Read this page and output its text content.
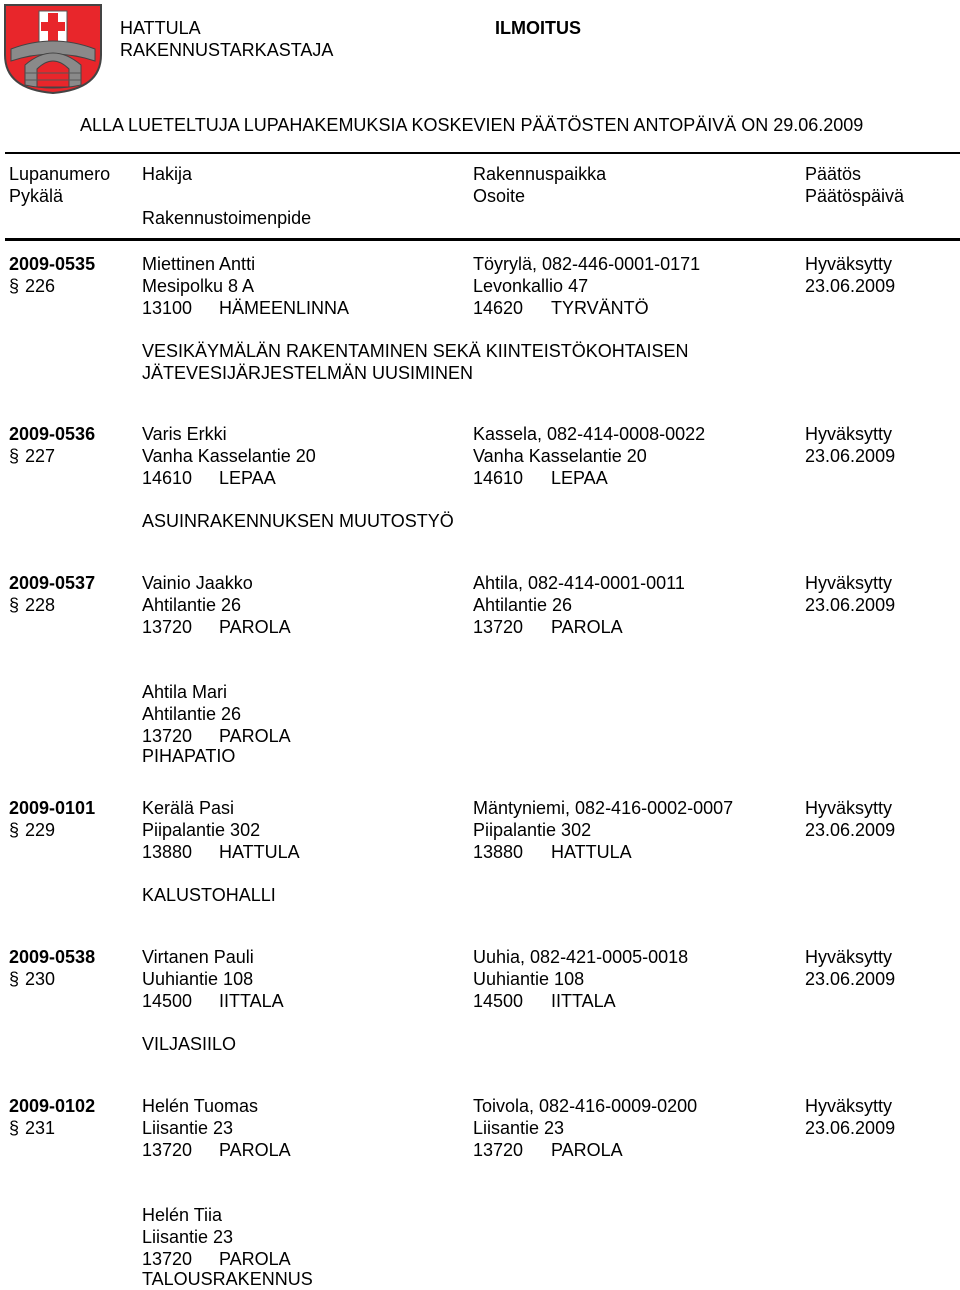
HATTULA
RAKENNUSTARKASTAJA
ILMOITUS
ALLA LUETELTUJA LUPAHAKEMUKSIA KOSKEVIEN PÄÄTÖSTEN ANTOPÄIVÄ ON 29.06.2009
Lupanumero
Pykälä
Hakija
Rakennustoimenpide
Rakennuspaikka
Osoite
Päätös
Päätöspäivä
2009-0535
§ 226
Miettinen Antti
Mesipolku 8 A
13100 HÄMEENLINNA
Töyrylä, 082-446-0001-0171
Levonkallio 47
14620 TYRVÄNTÖ
Hyväksytty
23.06.2009
VESIKÄYMÄLÄN RAKENTAMINEN SEKÄ KIINTEISTÖKOHTAISEN
JÄTEVESIJÄRJESTELMÄN UUSIMINEN
2009-0536
§ 227
Varis Erkki
Vanha Kasselantie 20
14610 LEPAA
Kassela, 082-414-0008-0022
Vanha Kasselantie 20
14610 LEPAA
Hyväksytty
23.06.2009
ASUINRAKENNUKSEN MUUTOSTYÖ
2009-0537
§ 228
Vainio Jaakko
Ahtilantie 26
13720 PAROLA
Ahtila, 082-414-0001-0011
Ahtilantie 26
13720 PAROLA
Hyväksytty
23.06.2009
Ahtila Mari
Ahtilantie 26
13720 PAROLA
PIHAPATIO
2009-0101
§ 229
Kerälä Pasi
Piipalantie 302
13880 HATTULA
Mäntyniemi, 082-416-0002-0007
Piipalantie 302
13880 HATTULA
Hyväksytty
23.06.2009
KALUSTOHALLI
2009-0538
§ 230
Virtanen Pauli
Uuhiantie 108
14500 IITTALA
Uuhia, 082-421-0005-0018
Uuhiantie 108
14500 IITTALA
Hyväksytty
23.06.2009
VILJASIILO
2009-0102
§ 231
Helén Tuomas
Liisantie 23
13720 PAROLA
Toivola, 082-416-0009-0200
Liisantie 23
13720 PAROLA
Hyväksytty
23.06.2009
Helén Tiia
Liisantie 23
13720 PAROLA
TALOUSRAKENNUS
